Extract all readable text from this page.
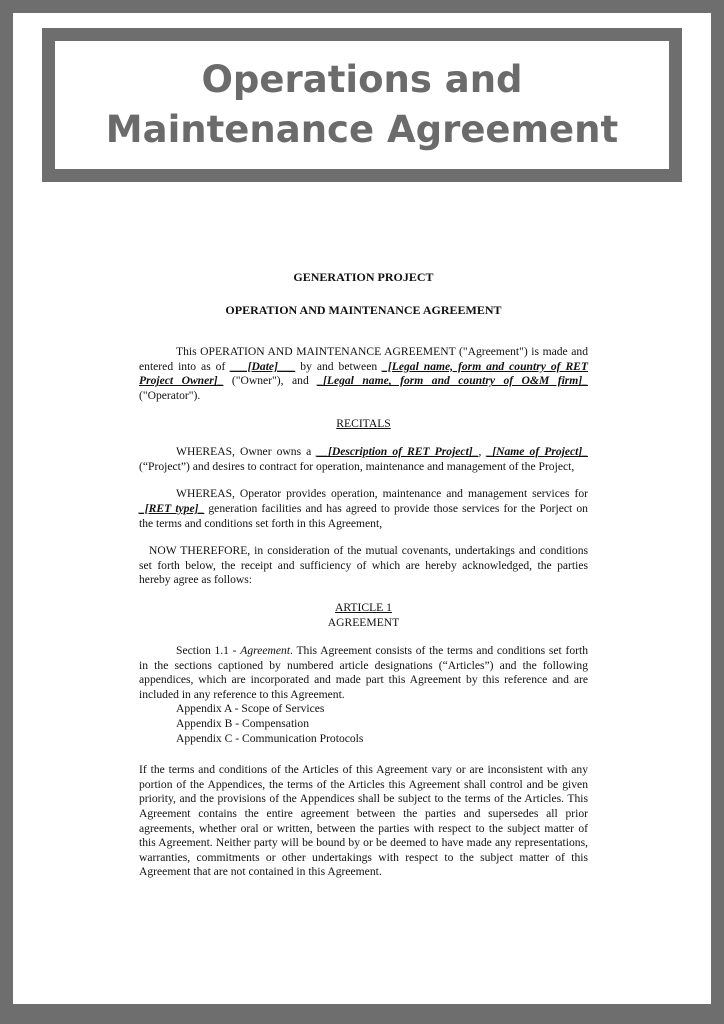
Operations and Maintenance Agreement

GENERATION PROJECT

OPERATION AND MAINTENANCE AGREEMENT

This OPERATION AND MAINTENANCE AGREEMENT ("Agreement") is made and entered into as of ___[Date]___ by and between _[Legal name, form and country of RET Project Owner]_ ("Owner"), and _[Legal name, form and country of O&M firm]_ ("Operator").

RECITALS

WHEREAS, Owner owns a __[Description of RET Project]_, _[Name of Project]_ (“Project”) and desires to contract for operation, maintenance and management of the Project,

WHEREAS, Operator provides operation, maintenance and management services for _[RET type]_ generation facilities and has agreed to provide those services for the Porject on the terms and conditions set forth in this Agreement,

NOW THEREFORE, in consideration of the mutual covenants, undertakings and conditions set forth below, the receipt and sufficiency of which are hereby acknowledged, the parties hereby agree as follows:

ARTICLE 1
AGREEMENT

Section 1.1 - Agreement. This Agreement consists of the terms and conditions set forth in the sections captioned by numbered article designations (“Articles”) and the following appendices, which are incorporated and made part this Agreement by this reference and are included in any reference to this Agreement.

Appendix A - Scope of Services

Appendix B - Compensation

Appendix C - Communication Protocols

If the terms and conditions of the Articles of this Agreement vary or are inconsistent with any portion of the Appendices, the terms of the Articles this Agreement shall control and be given priority, and the provisions of the Appendices shall be subject to the terms of the Articles. This Agreement contains the entire agreement between the parties and supersedes all prior agreements, whether oral or written, between the parties with respect to the subject matter of this Agreement. Neither party will be bound by or be deemed to have made any representations, warranties, commitments or other undertakings with respect to the subject matter of this Agreement that are not contained in this Agreement.
